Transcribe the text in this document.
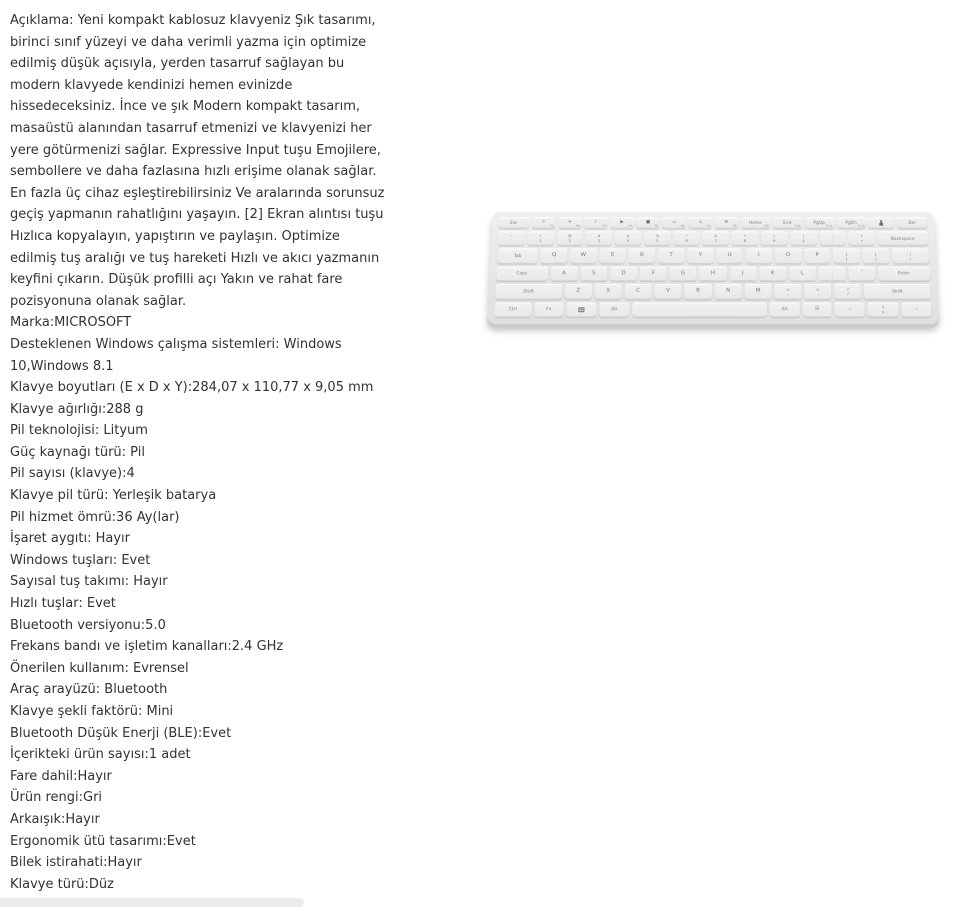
Açıklama: Yeni kompakt kablosuz klavyeniz Şık tasarımı,
birinci sınıf yüzeyi ve daha verimli yazma için optimize
edilmiş düşük açısıyla, yerden tasarruf sağlayan bu
modern klavyede kendinizi hemen evinizde
hissedeceksiniz. İnce ve şık Modern kompakt tasarım,
masaüstü alanından tasarruf etmenizi ve klavyenizi her
yere götürmenizi sağlar. Expressive Input tuşu Emojilere,
sembollere ve daha fazlasına hızlı erişime olanak sağlar.
En fazla üç cihaz eşleştirebilirsiniz Ve aralarında sorunsuz
geçiş yapmanın rahatlığını yaşayın. [2] Ekran alıntısı tuşu
Hızlıca kopyalayın, yapıştırın ve paylaşın. Optimize
edilmiş tuş aralığı ve tuş hareketi Hızlı ve akıcı yazmanın
keyfini çıkarın. Düşük profilli açı Yakın ve rahat fare
pozisyonuna olanak sağlar.
Marka:MICROSOFT
Desteklenen Windows çalışma sistemleri: Windows
10,Windows 8.1
Klavye boyutları (E x D x Y):284,07 x 110,77 x 9,05 mm
Klavye ağırlığı:288 g
Pil teknolojisi: Lityum
Güç kaynağı türü: Pil
Pil sayısı (klavye):4
Klavye pil türü: Yerleşik batarya
Pil hizmet ömrü:36 Ay(lar)
İşaret aygıtı: Hayır
Windows tuşları: Evet
Sayısal tuş takımı: Hayır
Hızlı tuşlar: Evet
Bluetooth versiyonu:5.0
Frekans bandı ve işletim kanalları:2.4 GHz
Önerilen kullanım: Evrensel
Araç arayüzü: Bluetooth
Klavye şekli faktörü: Mini
Bluetooth Düşük Enerji (BLE):Evet
İçerikteki ürün sayısı:1 adet
Fare dahil:Hayır
Ürün rengi:Gri
Arkaışık:Hayır
Ergonomik ütü tasarımı:Evet
Bilek istirahati:Hayır
Klavye türü:Düz
Esc	☼
F1
☀
F2
♪
F3
▶
F4
■
F5
▭
F6
⌂
F7
✉
F8
Home
F9
End
F10
PgUp
F11
PgDn
F12
Del
~
`
!
1
@
2
#
3
$
4
%
5
^
6
&
7
*
8
(
9
)
0
_
-
+
=
Backspace
Tab	Q	W	E	R	T	Y	U	I	O	P	{
[
}
]
|
\
Caps	A	S	D	F	G	H	J	K	L	:
;
"
'
Enter
Shift	Z	X	C	V	B	N	M	<
,
>
.
?
/
Shift
Ctrl	Fn	Alt	Alt	☺	‹	∧
∨	›
